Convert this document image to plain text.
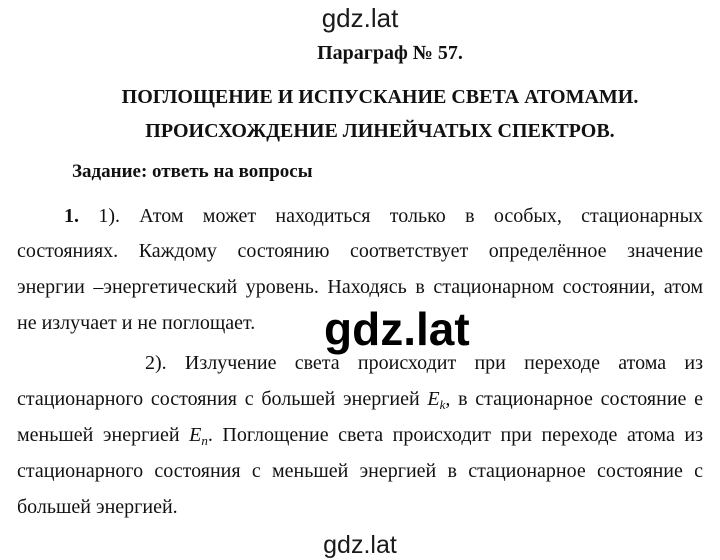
gdz.lat
Параграф № 57.
ПОГЛОЩЕНИЕ И ИСПУСКАНИЕ СВЕТА АТОМАМИ.
ПРОИСХОЖДЕНИЕ ЛИНЕЙЧАТЫХ СПЕКТРОВ.
Задание: ответь на вопросы
1. 1). Атом может находиться только в особых, стационарных
состояниях. Каждому состоянию соответствует определённое значение
энергии –энергетический уровень. Находясь в стационарном состоянии, атом
не излучает и не поглощает.
2). Излучение света происходит при переходе атома из
стационарного состояния с большей энергией $E_k$, в стационарное состояние е
меньшей энергией $E_n$. Поглощение света происходит при переходе атома из
стационарного состояния с меньшей энергией в стационарное состояние с
большей энергией.
gdz.lat
gdz.lat
